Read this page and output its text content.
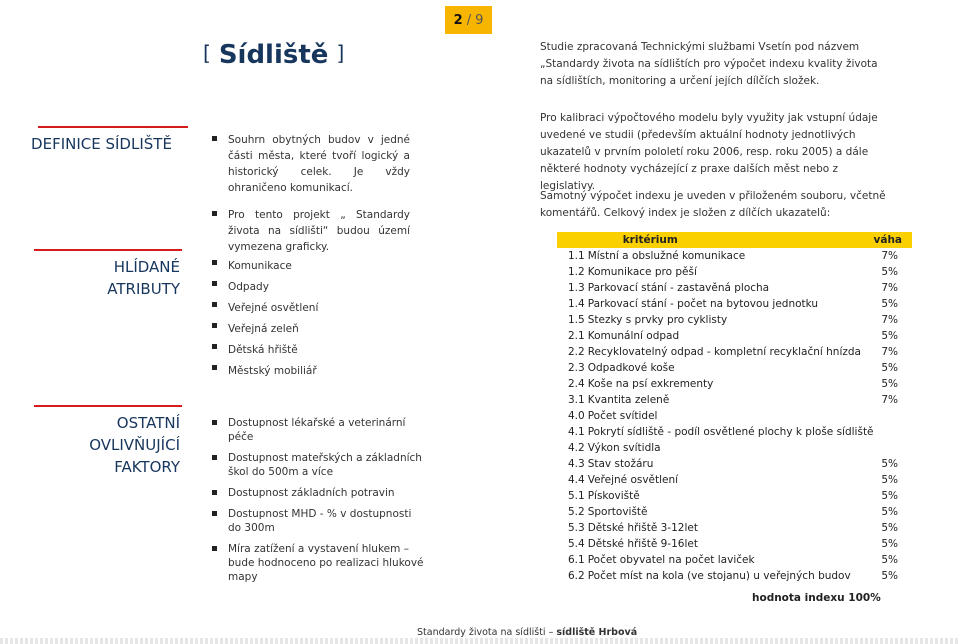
2 / 9
[ Sídliště ]	Studie zpracovaná Technickými službami Vsetín pod názvem „Standardy života na sídlištích pro výpočet indexu kvality života na sídlištích, monitoring a určení jejích dílčích složek.
Pro kalibraci výpočtového modelu byly využity jak vstupní údaje uvedené ve studii (především aktuální hodnoty jednotlivých ukazatelů v prvním pololetí roku 2006, resp. roku 2005) a dále některé hodnoty vycházející z praxe dalších měst nebo z legislativy.
Samotný výpočet indexu je uveden v přiloženém souboru, včetně komentářů. Celkový index je složen z dílčích ukazatelů:
DEFINICE SÍDLIŠTĚ	Souhrn obytných budov v jedné části města, které tvoří logický a historický celek. Je vždy ohraničeno komunikací.
Pro tento projekt „ Standardy života na sídlišti“ budou území vymezena graficky.
HLÍDANÉ
ATRIBUTY
Komunikace
Odpady
Veřejné osvětlení
Veřejná zeleň
Dětská hřiště
Městský mobiliář
OSTATNÍ
OVLIVŇUJÍCÍ
FAKTORY
Dostupnost lékařské a veterinární péče
Dostupnost mateřských a základních škol do 500m a více
Dostupnost základních potravin
Dostupnost MHD - % v dostupnosti do 300m
Míra zatížení a vystavení hlukem – bude hodnoceno po realizaci hlukové mapy
	kritérium	váha
1.1	Místní a obslužné komunikace	7%
1.2	Komunikace pro pěší	5%
1.3	Parkovací stání - zastavěná plocha	7%
1.4	Parkovací stání - počet na bytovou jednotku	5%
1.5	Stezky s prvky pro cyklisty	7%
2.1	Komunální odpad	5%
2.2	Recyklovatelný odpad - kompletní recyklační hnízda	7%
2.3	Odpadkové koše	5%
2.4	Koše na psí exkrementy	5%
3.1	Kvantita zeleně	7%
4.0	Počet svítidel	
4.1	Pokrytí sídliště - podíl osvětlené plochy k ploše sídliště	
4.2	Výkon svítidla	
4.3	Stav stožáru	5%
4.4	Veřejné osvětlení	5%
5.1	Pískoviště	5%
5.2	Sportoviště	5%
5.3	Dětské hřiště 3-12let	5%
5.4	Dětské hřiště 9-16let	5%
6.1	Počet obyvatel na počet laviček	5%
6.2	Počet míst na kola (ve stojanu) u veřejných budov	5%
hodnota indexu 100%
Standardy života na sídlišti – sídliště Hrbová
